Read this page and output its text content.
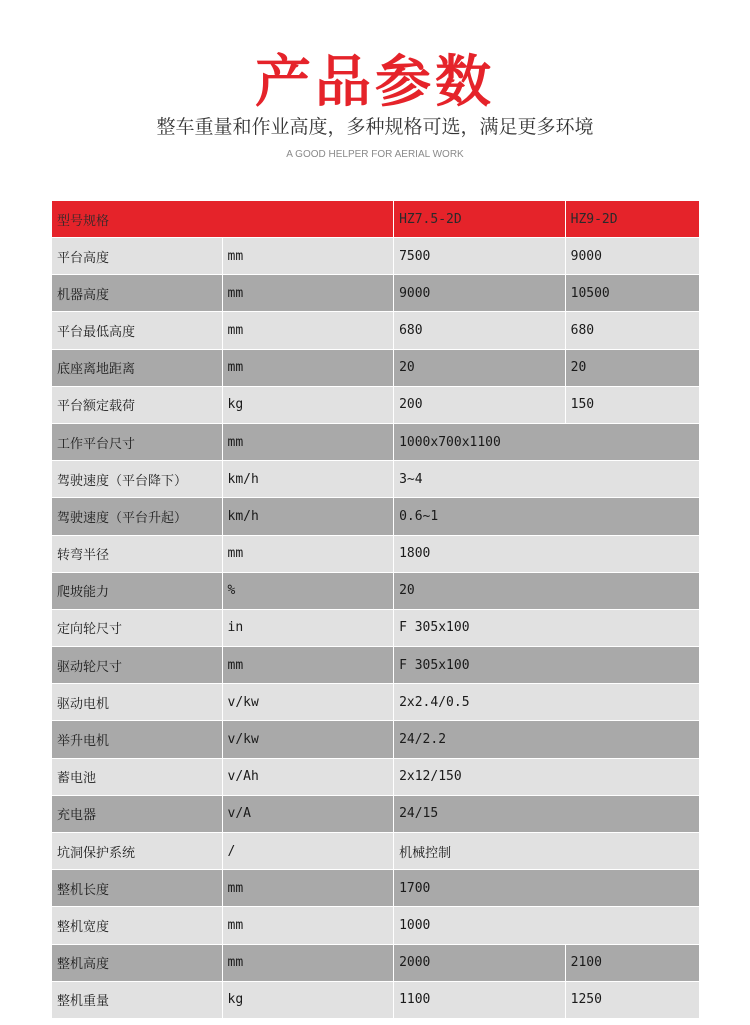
产品参数
整车重量和作业高度，多种规格可选，满足更多环境
A GOOD HELPER FOR AERIAL WORK
型号规格		HZ7.5-2D	HZ9-2D
平台高度	mm	7500	9000
机器高度	mm	9000	10500
平台最低高度	mm	680	680
底座离地距离	mm	20	20
平台额定载荷	kg	200	150
工作平台尺寸	mm	1000x700x1100	
驾驶速度（平台降下）	km/h	3~4	
驾驶速度（平台升起）	km/h	0.6~1	
转弯半径	mm	1800	
爬坡能力	%	20	
定向轮尺寸	in	F 305x100	
驱动轮尺寸	mm	F 305x100	
驱动电机	v/kw	2x2.4/0.5	
举升电机	v/kw	24/2.2	
蓄电池	v/Ah	2x12/150	
充电器	v/A	24/15	
坑洞保护系统	/	机械控制	
整机长度	mm	1700	
整机宽度	mm	1000	
整机高度	mm	2000	2100
整机重量	kg	1100	1250
